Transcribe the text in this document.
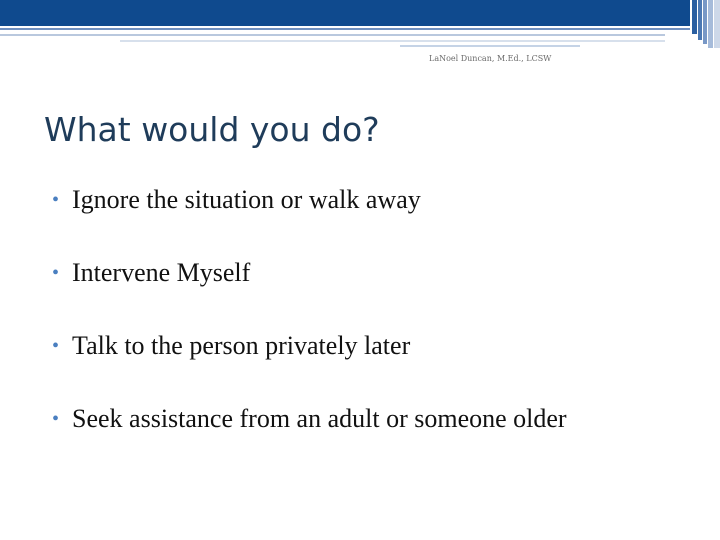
LaNoel Duncan, M.Ed., LCSW
What would you do?
• Ignore the situation or walk away
• Intervene Myself
• Talk to the person privately later
• Seek assistance from an adult or someone older
